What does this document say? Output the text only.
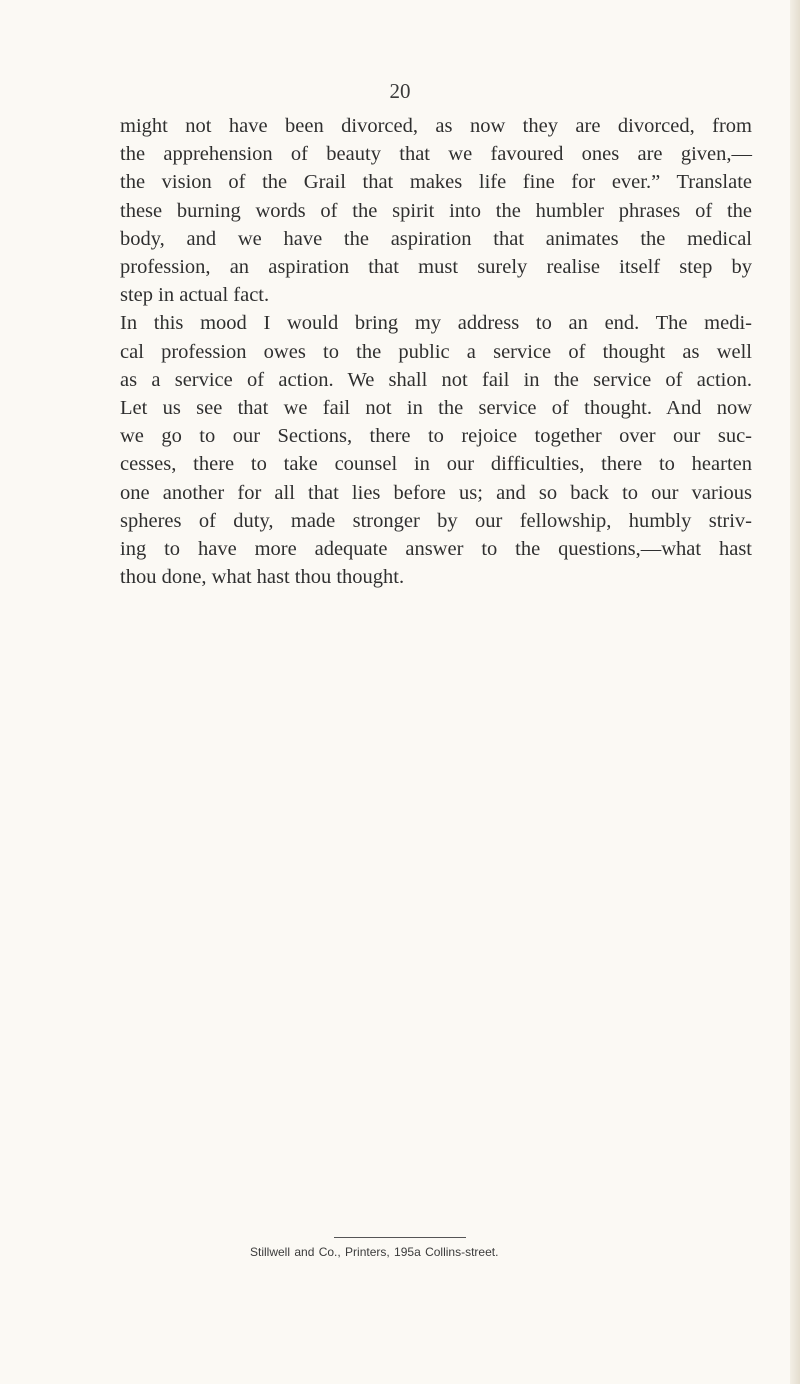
20

might not have been divorced, as now they are divorced, from
the apprehension of beauty that we favoured ones are given,—
the vision of the Grail that makes life fine for ever.” Translate
these burning words of the spirit into the humbler phrases of the
body, and we have the aspiration that animates the medical
profession, an aspiration that must surely realise itself step by
step in actual fact.
In this mood I would bring my address to an end. The medi-
cal profession owes to the public a service of thought as well
as a service of action. We shall not fail in the service of action.
Let us see that we fail not in the service of thought. And now
we go to our Sections, there to rejoice together over our suc-
cesses, there to take counsel in our difficulties, there to hearten
one another for all that lies before us; and so back to our various
spheres of duty, made stronger by our fellowship, humbly striv-
ing to have more adequate answer to the questions,—what hast
thou done, what hast thou thought.
Stillwell and Co., Printers, 195a Collins-street.
